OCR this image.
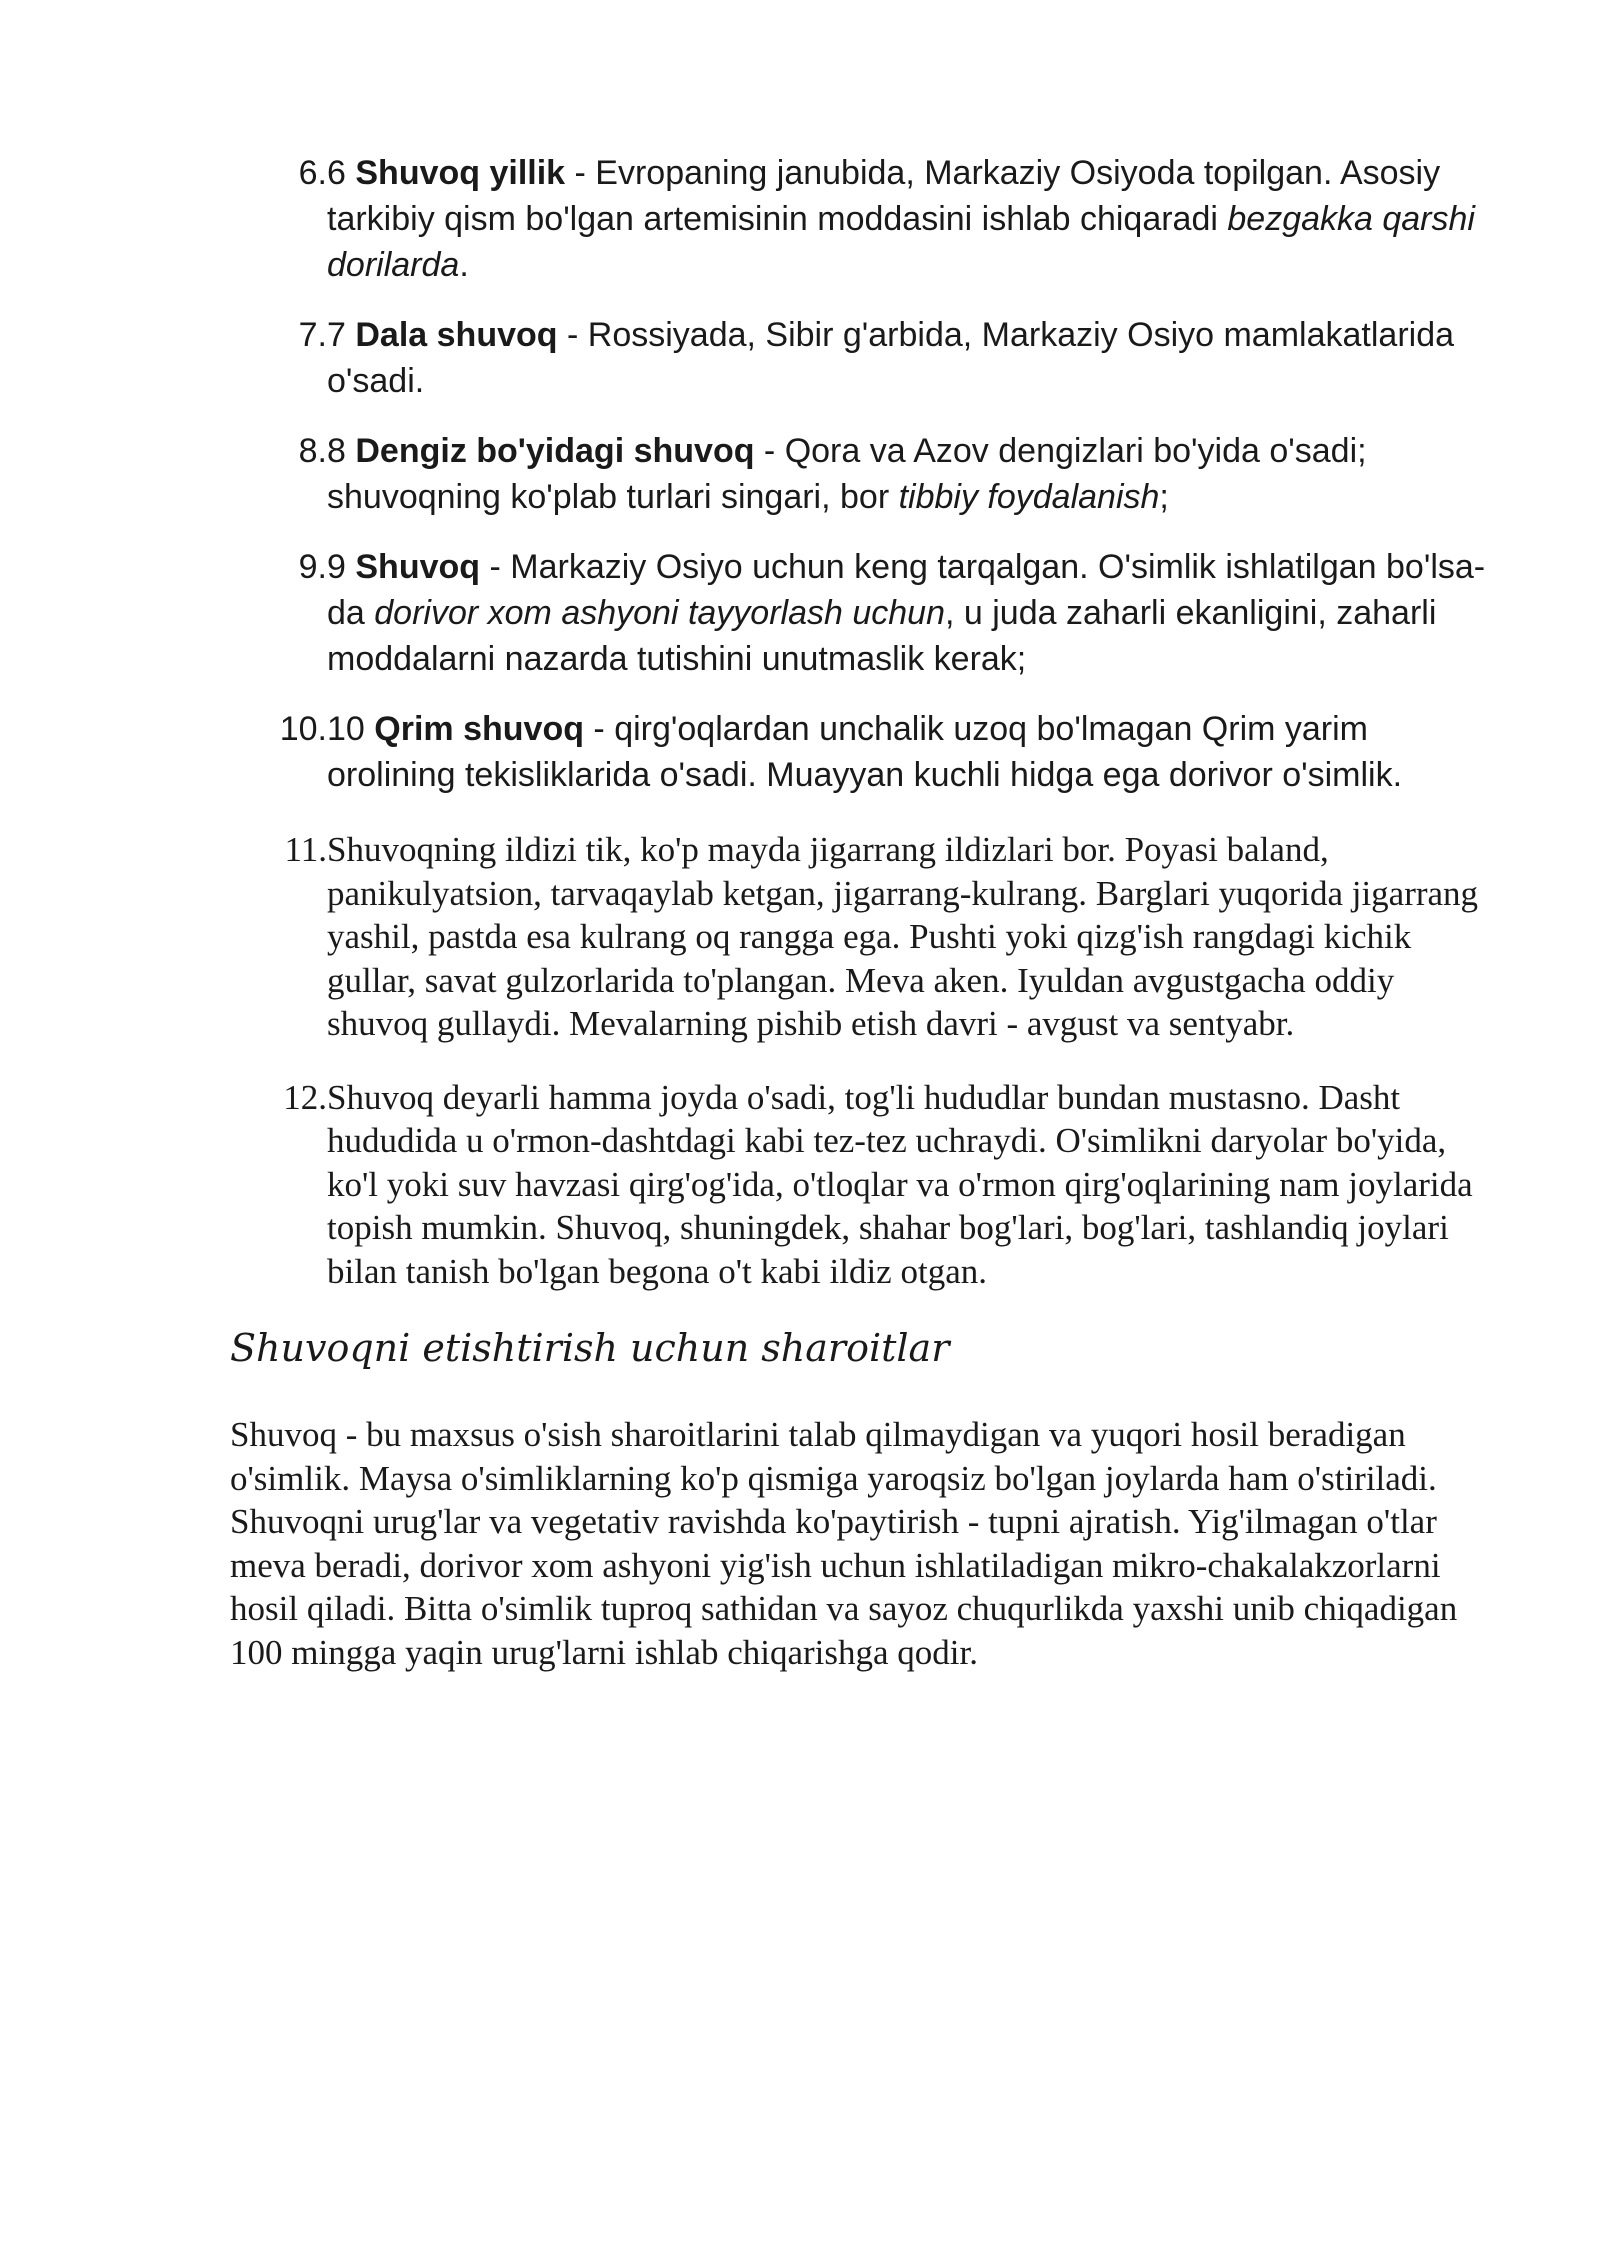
6. 6 Shuvoq yillik - Evropaning janubida, Markaziy Osiyoda topilgan. Asosiy tarkibiy qism bo'lgan artemisinin moddasini ishlab chiqaradi bezgakka qarshi dorilarda.
7. 7 Dala shuvoq - Rossiyada, Sibir g'arbida, Markaziy Osiyo mamlakatlarida o'sadi.
8. 8 Dengiz bo'yidagi shuvoq - Qora va Azov dengizlari bo'yida o'sadi; shuvoqning ko'plab turlari singari, bor tibbiy foydalanish;
9. 9 Shuvoq - Markaziy Osiyo uchun keng tarqalgan. O'simlik ishlatilgan bo'lsa-da dorivor xom ashyoni tayyorlash uchun, u juda zaharli ekanligini, zaharli moddalarni nazarda tutishini unutmaslik kerak;
10. 10 Qrim shuvoq - qirg'oqlardan unchalik uzoq bo'lmagan Qrim yarim orolining tekisliklarida o'sadi. Muayyan kuchli hidga ega dorivor o'simlik.
11. Shuvoqning ildizi tik, ko'p mayda jigarrang ildizlari bor. Poyasi baland, panikulyatsion, tarvaqaylab ketgan, jigarrang-kulrang. Barglari yuqorida jigarrang yashil, pastda esa kulrang oq rangga ega. Pushti yoki qizg'ish rangdagi kichik gullar, savat gulzorlarida to'plangan. Meva aken. Iyuldan avgustgacha oddiy shuvoq gullaydi. Mevalarning pishib etish davri - avgust va sentyabr.
12. Shuvoq deyarli hamma joyda o'sadi, tog'li hududlar bundan mustasno. Dasht hududida u o'rmon-dashtdagi kabi tez-tez uchraydi. O'simlikni daryolar bo'yida, ko'l yoki suv havzasi qirg'og'ida, o'tloqlar va o'rmon qirg'oqlarining nam joylarida topish mumkin. Shuvoq, shuningdek, shahar bog'lari, bog'lari, tashlandiq joylari bilan tanish bo'lgan begona o't kabi ildiz otgan.
Shuvoqni etishtirish uchun sharoitlar
Shuvoq - bu maxsus o'sish sharoitlarini talab qilmaydigan va yuqori hosil beradigan o'simlik. Maysa o'simliklarning ko'p qismiga yaroqsiz bo'lgan joylarda ham o'stiriladi. Shuvoqni urug'lar va vegetativ ravishda ko'paytirish - tupni ajratish. Yig'ilmagan o'tlar meva beradi, dorivor xom ashyoni yig'ish uchun ishlatiladigan mikro-chakalakzorlarni hosil qiladi. Bitta o'simlik tuproq sathidan va sayoz chuqurlikda yaxshi unib chiqadigan 100 mingga yaqin urug'larni ishlab chiqarishga qodir.
